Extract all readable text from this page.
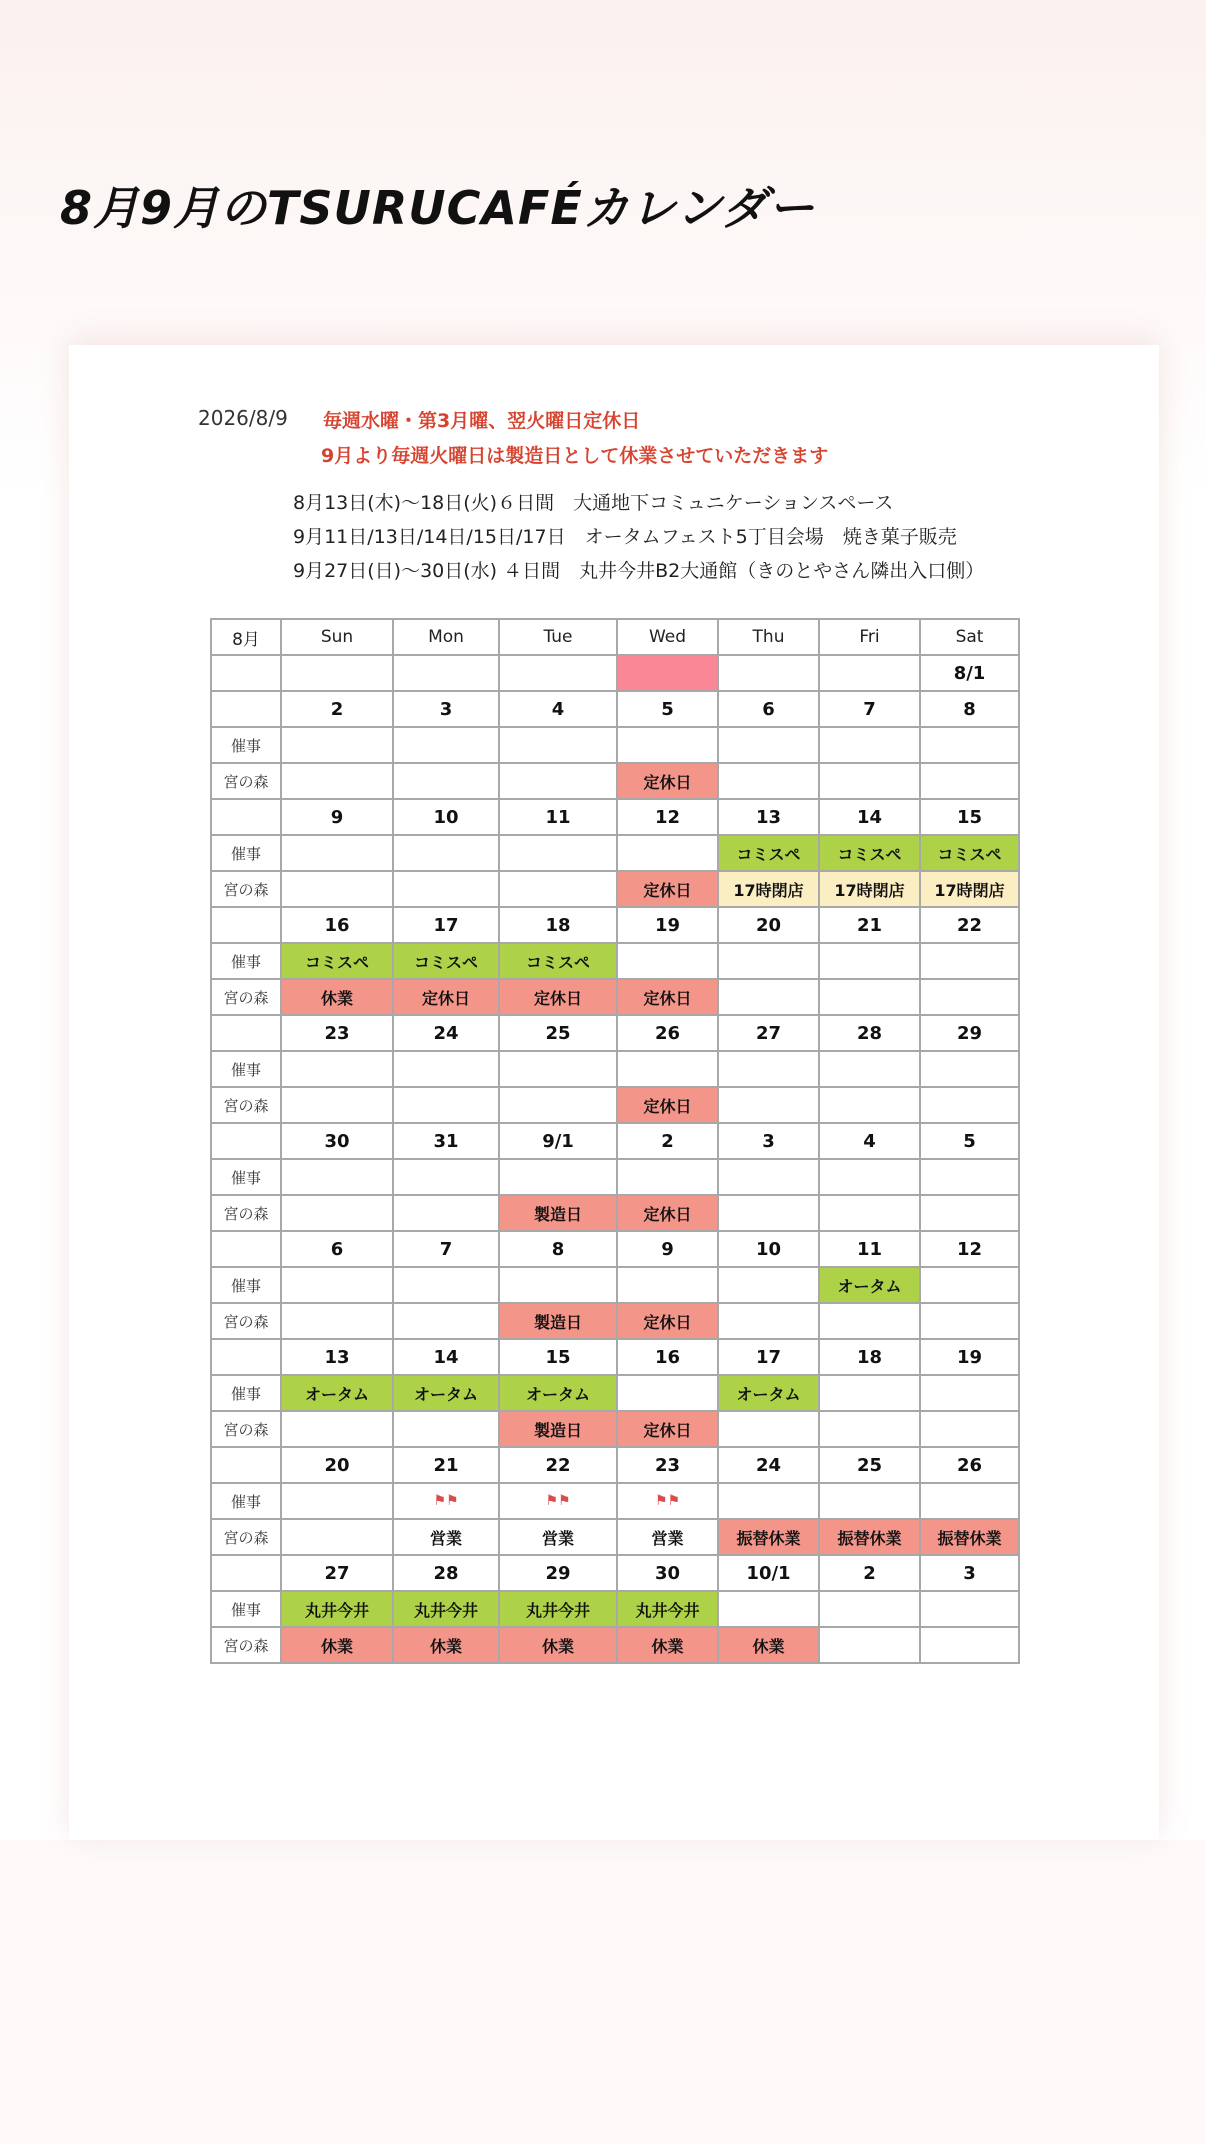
8月9月のTSURUCAFÉカレンダー
2026/8/9 毎週水曜・第3月曜、翌火曜日定休日
9月より毎週火曜日は製造日として休業させていただきます
8月13日(木)〜18日(火)６日間　大通地下コミュニケーションスペース
9月11日/13日/14日/15日/17日　オータムフェスト5丁目会場　焼き菓子販売
9月27日(日)〜30日(水) ４日間　丸井今井B2大通館（きのとやさん隣出入口側）
8月	Sun	Mon	Tue	Wed	Thu	Fri	Sat
							8/1
	2	3	4	5	6	7	8
催事							
宮の森				定休日			
	9	10	11	12	13	14	15
催事					コミスペ	コミスペ	コミスペ
宮の森				定休日	17時閉店	17時閉店	17時閉店
	16	17	18	19	20	21	22
催事	コミスペ	コミスペ	コミスペ				
宮の森	休業	定休日	定休日	定休日			
	23	24	25	26	27	28	29
催事							
宮の森				定休日			
	30	31	9/1	2	3	4	5
催事							
宮の森			製造日	定休日			
	6	7	8	9	10	11	12
催事						オータム	
宮の森			製造日	定休日			
	13	14	15	16	17	18	19
催事	オータム	オータム	オータム		オータム		
宮の森			製造日	定休日			
	20	21	22	23	24	25	26
催事		⚑⚑	⚑⚑	⚑⚑			
宮の森		営業	営業	営業	振替休業	振替休業	振替休業
	27	28	29	30	10/1	2	3
催事	丸井今井	丸井今井	丸井今井	丸井今井			
宮の森	休業	休業	休業	休業	休業		
